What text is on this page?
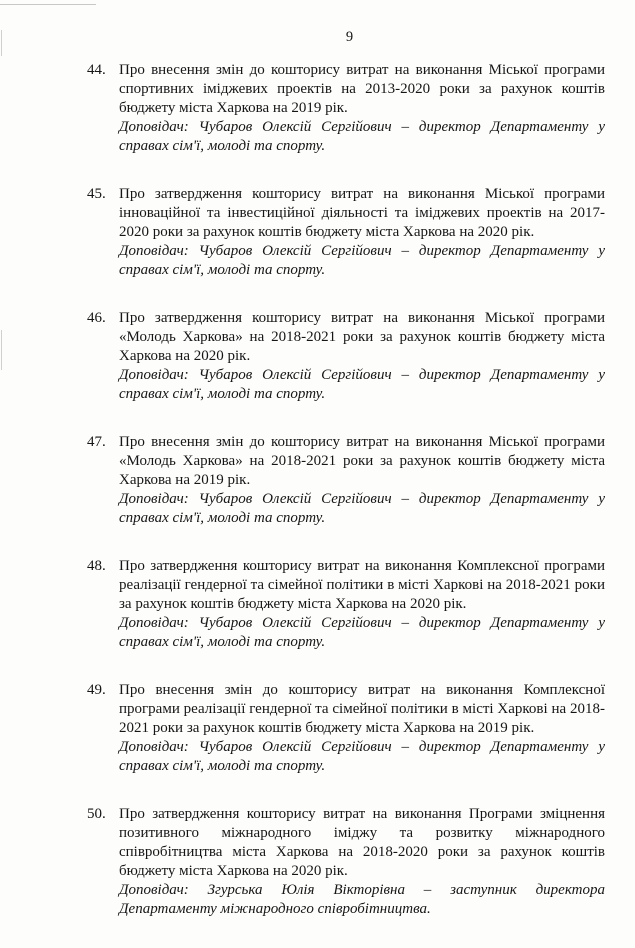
9
44. Про внесення змін до кошторису витрат на виконання Міської програми спортивних іміджевих проектів на 2013-2020 роки за рахунок коштів бюджету міста Харкова на 2019 рік.
Доповідач: Чубаров Олексій Сергійович – директор Департаменту у справах сім'ї, молоді та спорту.
45. Про затвердження кошторису витрат на виконання Міської програми інноваційної та інвестиційної діяльності та іміджевих проектів на 2017-2020 роки за рахунок коштів бюджету міста Харкова на 2020 рік.
Доповідач: Чубаров Олексій Сергійович – директор Департаменту у справах сім'ї, молоді та спорту.
46. Про затвердження кошторису витрат на виконання Міської програми «Молодь Харкова» на 2018-2021 роки за рахунок коштів бюджету міста Харкова на 2020 рік.
Доповідач: Чубаров Олексій Сергійович – директор Департаменту у справах сім'ї, молоді та спорту.
47. Про внесення змін до кошторису витрат на виконання Міської програми «Молодь Харкова» на 2018-2021 роки за рахунок коштів бюджету міста Харкова на 2019 рік.
Доповідач: Чубаров Олексій Сергійович – директор Департаменту у справах сім'ї, молоді та спорту.
48. Про затвердження кошторису витрат на виконання Комплексної програми реалізації гендерної та сімейної політики в місті Харкові на 2018-2021 роки за рахунок коштів бюджету міста Харкова на 2020 рік.
Доповідач: Чубаров Олексій Сергійович – директор Департаменту у справах сім'ї, молоді та спорту.
49. Про внесення змін до кошторису витрат на виконання Комплексної програми реалізації гендерної та сімейної політики в місті Харкові на 2018-2021 роки за рахунок коштів бюджету міста Харкова на 2019 рік.
Доповідач: Чубаров Олексій Сергійович – директор Департаменту у справах сім'ї, молоді та спорту.
50. Про затвердження кошторису витрат на виконання Програми зміцнення позитивного міжнародного іміджу та розвитку міжнародного співробітництва міста Харкова на 2018-2020 роки за рахунок коштів бюджету міста Харкова на 2020 рік.
Доповідач: Згурська Юлія Вікторівна – заступник директора Департаменту міжнародного співробітництва.
